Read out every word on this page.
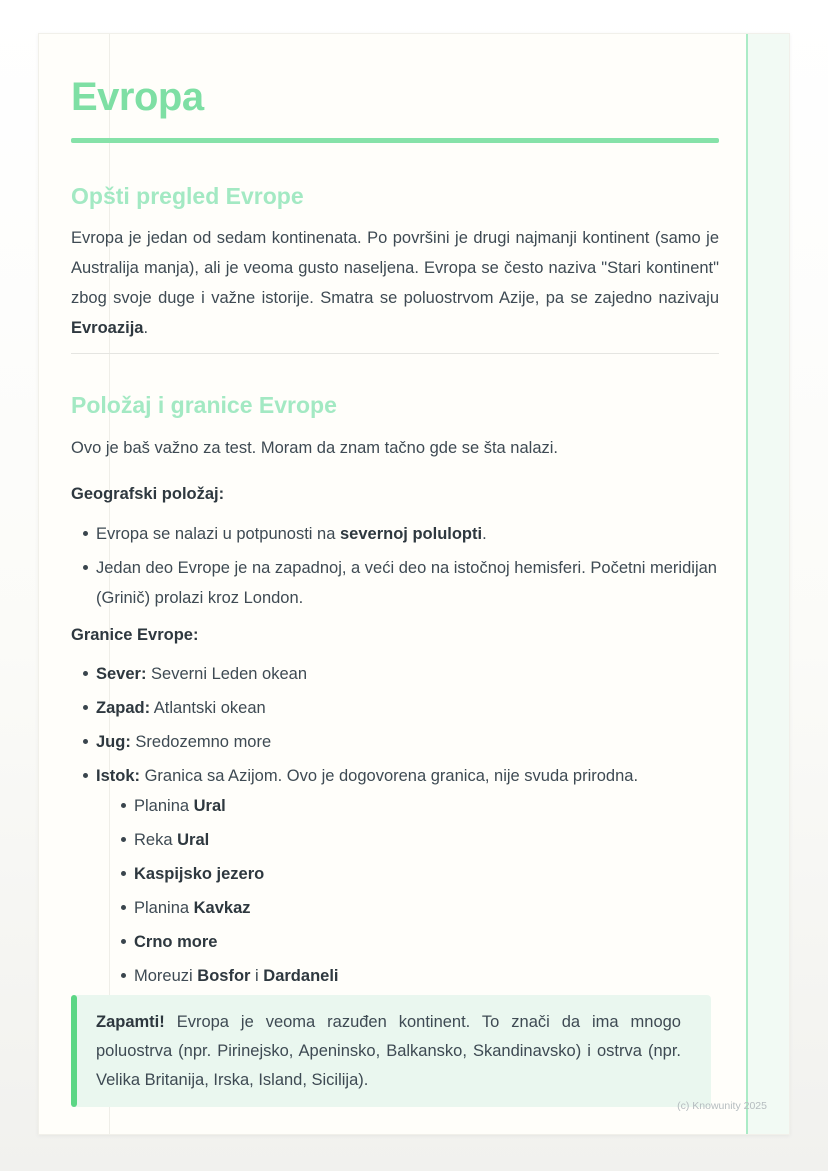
Evropa
Opšti pregled Evrope

Evropa je jedan od sedam kontinenata. Po površini je drugi najmanji kontinent (samo je Australija manja), ali je veoma gusto naseljena. Evropa se često naziva "Stari kontinent" zbog svoje duge i važne istorije. Smatra se poluostrvom Azije, pa se zajedno nazivaju Evroazija.

Položaj i granice Evrope

Ovo je baš važno za test. Moram da znam tačno gde se šta nalazi.

Geografski položaj:

Evropa se nalazi u potpunosti na severnoj polulopti.
Jedan deo Evrope je na zapadnoj, a veći deo na istočnoj hemisferi. Početni meridijan (Grinič) prolazi kroz London.

Granice Evrope:

Sever: Severni Leden okean
Zapad: Atlantski okean
Jug: Sredozemno more
Istok: Granica sa Azijom. Ovo je dogovorena granica, nije svuda prirodna.
Planina Ural
Reka Ural
Kaspijsko jezero
Planina Kavkaz
Crno more
Moreuzi Bosfor i Dardaneli

Zapamti! Evropa je veoma razuđen kontinent. To znači da ima mnogo poluostrva (npr. Pirinejsko, Apeninsko, Balkansko, Skandinavsko) i ostrva (npr. Velika Britanija, Irska, Island, Sicilija).

(c) Knowunity 2025
